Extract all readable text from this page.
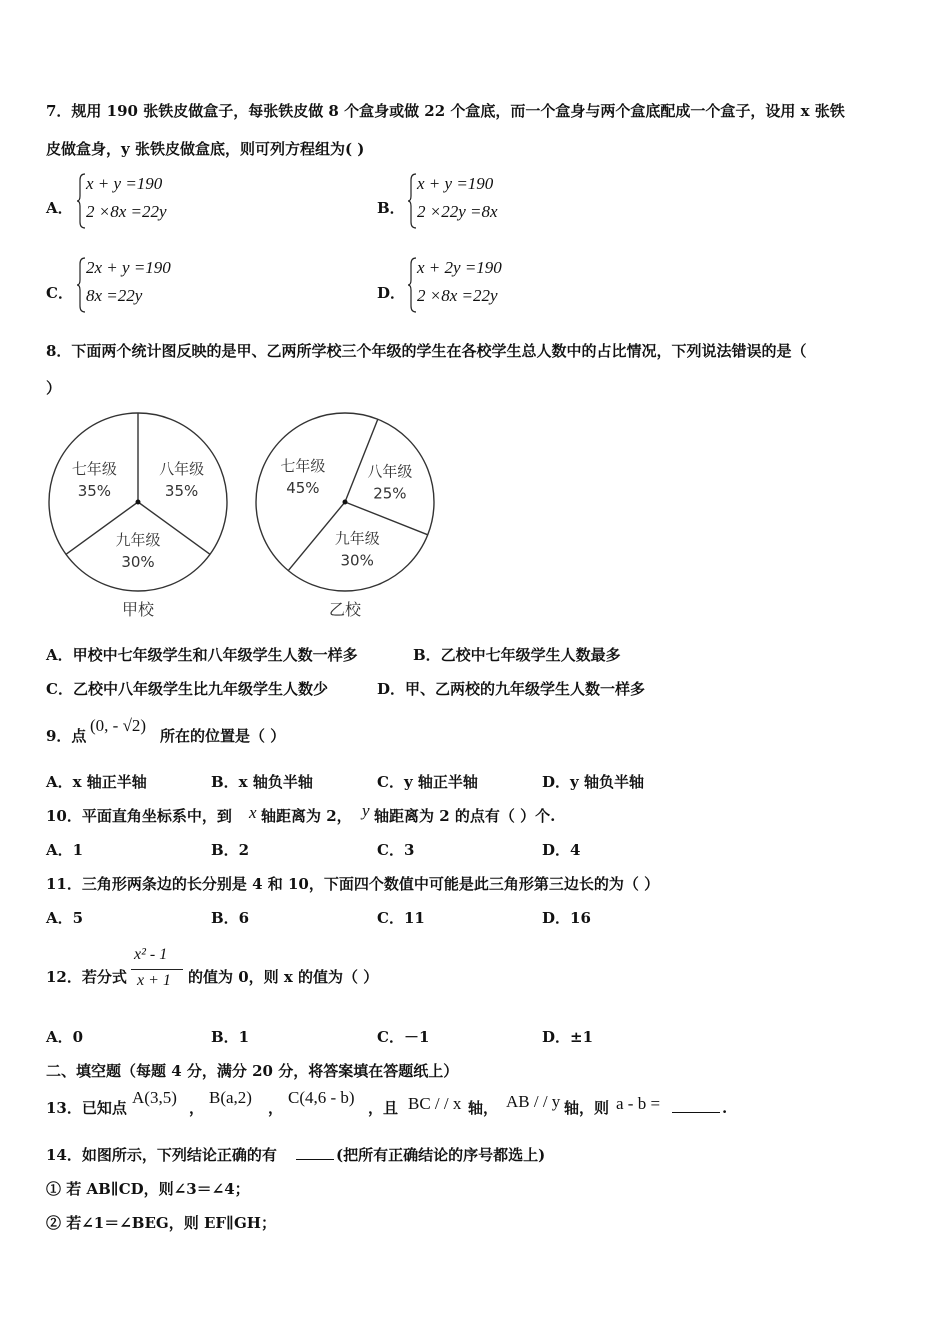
7．规用 190 张铁皮做盒子，每张铁皮做 8 个盒身或做 22 个盒底，而一个盒身与两个盒底配成一个盒子，设用 x 张铁
皮做盒身，y 张铁皮做盒底，则可列方程组为( )
A．
x + y =190
2 ×8x =22y	B．
x + y =190
2 ×22y =8x
C．
2x + y =190
8x =22y	D．
x + 2y =190
2 ×8x =22y
8．下面两个统计图反映的是甲、乙两所学校三个年级的学生在各校学生总人数中的占比情况，下列说法错误的是（
）
七年级
35%
八年级
35%
九年级
30%
甲校
七年级
45%
八年级
25%
九年级
30%
乙校
A．甲校中七年级学生和八年级学生人数一样多	B．乙校中七年级学生人数最多
C．乙校中八年级学生比九年级学生人数少	D．甲、乙两校的九年级学生人数一样多
9．点
(0, - √2)
所在的位置是（ ）
A．x 轴正半轴	B．x 轴负半轴	C．y 轴正半轴	D．y 轴负半轴
10．平面直角坐标系中，到 x 轴距离为 2， y 轴距离为 2 的点有（ ）个.
A．1	B．2	C．3	D．4
11．三角形两条边的长分别是 4 和 10，下面四个数值中可能是此三角形第三边长的为（ ）
A．5	B．6	C．11	D．16
12．若分式
x² - 1
x + 1 的值为 0，则 x 的值为（ ）
A．0	B．1	C．－1	D．±1
二、填空题（每题 4 分，满分 20 分，将答案填在答题纸上）
13．已知点
A(3,5)
，
B(a,2)
，
C(4,6 - b)
，且 BC / / x 轴， AB / / y 轴，则 a - b =	.
14．如图所示，下列结论正确的有	(把所有正确结论的序号都选上)
① 若 AB∥CD，则∠3＝∠4；
② 若∠1＝∠BEG，则 EF∥GH；
